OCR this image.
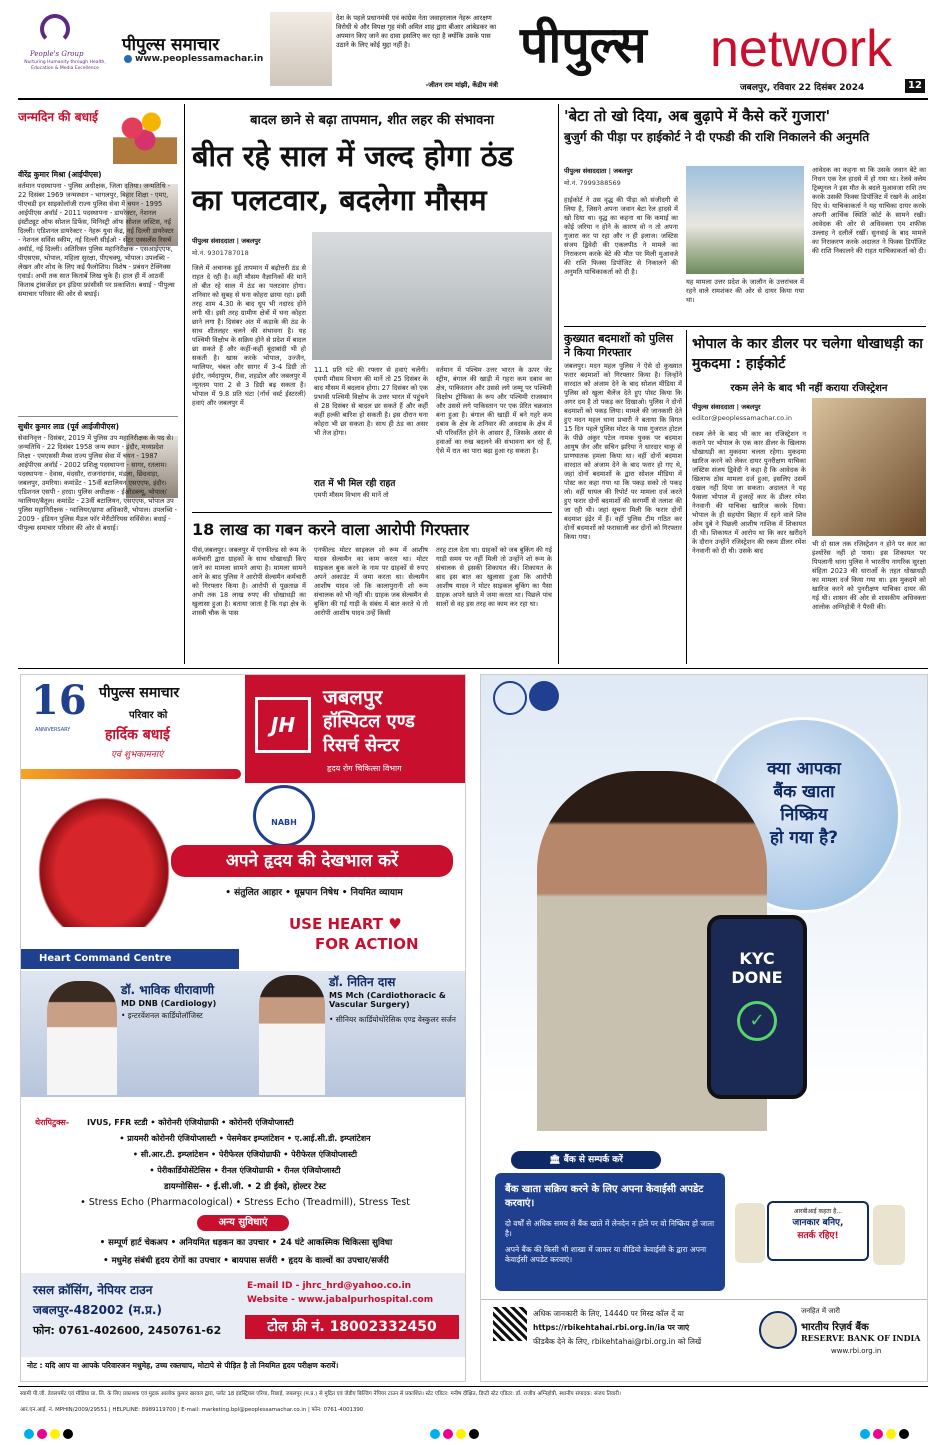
People's Group
Nurturing Humanity through Health, Education & Media Excellence
पीपुल्स समाचार
www.peoplessamachar.in
देश के पहले प्रधानमंत्री एवं कांग्रेस नेता जवाहरलाल नेहरू आरक्षण विरोधी थे और विपक्ष गृह मंत्री अमित शाह द्वारा बीआर आंबेडकर का अपमान किए जाने का दावा इसलिए कर रहा है क्योंकि उसके पास उठाने के लिए कोई मुद्दा नहीं है।
-जीतन राम मांझी, केंद्रीय मंत्री
पीपुल्स network
जबलपुर, रविवार 22 दिसंबर 2024	12
जन्मदिन की बधाई
वीरेंद्र कुमार मिश्रा (आईपीएस)
वर्तमान पदस्थापना - पुलिस अधीक्षक, जिला दतिया। जन्मतिथि - 22 दिसंबर 1969 जन्मस्थान - भागलपुर, बिहार शिक्षा - एमए, पीएचडी इन साइकोलॉजी राज्य पुलिस सेवा में चयन - 1995 आईपीएस अवॉर्ड - 2011 पदस्थापना - डायरेक्टर, नेशनल इंस्टीट्यूट ऑफ सोशल डिफेंस, मिनिस्ट्री ऑफ सोशल जस्टिस, नई दिल्ली। एडिशनल डायरेक्टर - नेहरू युवा केंद्र, नई दिल्ली डायरेक्टर - नेशनल सर्विस स्कीम, नई दिल्ली सीईओ - सेंटर एक्सलेंस रिसर्च अवॉर्ड, नई दिल्ली। अतिरिक्त पुलिस महानिरीक्षक - एसआईएएफ, पीएसएस, भोपाल, महिला सुरक्षा, पीएचक्यू, भोपाल। उपलब्धि - लेखन और शोध के लिए कई फैलोशिप। विशेष - प्रबंधन टेक्निक्स एवार्ड। अभी तक सात किताबें लिख चुके हैं। हाल ही में आठवीं किताब ट्रांसजेंडर इन इंडिया फ्रांसीसी पर प्रकाशित। बधाई - पीपुल्स समाचार परिवार की ओर से बधाई।
सुधीर कुमार लाड (पूर्व आईजीपीएस)
सेवानिवृत्त - दिसंबर, 2019 में पुलिस उप महानिरीक्षक के पद से। जन्मतिथि - 22 दिसंबर 1958 जन्म स्थान - इंदौर, मध्यप्रदेश शिक्षा - एमएससी मैथ्स राज्य पुलिस सेवा में चयन - 1987 आईपीएस अवॉर्ड - 2002 प्रशिक्षु पदस्थापना - सागर, रतलाम। पदस्थापना - देवास, मंदसौर, राजनांदगांव, मंडला, छिंदवाड़ा, जबलपुर, उमरिया। कमांडेंट - 15वीं बटालियन एसएएफ, इंदौर। एडिशनल एसपी - हरदा। पुलिस अधीक्षक - ईओडब्ल्यू, भोपाल/ग्वालियर/बैतूल। कमांडेंट - 23वीं बटालियन, एसएएफ, भोपाल उप पुलिस महानिरीक्षक - ग्वालियर/छापा अधिकारी, भोपाल। उपलब्धि - 2009 - इंडियन पुलिस मैडल फॉर मेरीटोरियस सर्विसेज। बधाई - पीपुल्स समाचार परिवार की ओर से बधाई।
बादल छाने से बढ़ा तापमान, शीत लहर की संभावना
बीत रहे साल में जल्द होगा ठंड का पलटवार, बदलेगा मौसम
पीपुल्स संवाददाता | जबलपुर
मो.नं. 9301787018
जिले में अचानक हुई तापमान में बढ़ोत्तरी ठंड से राहत दे रही है। वहीं मौसम वैज्ञानिकों की मानें तो बीत रहे साल में ठंड का पलटवार होगा। शनिवार को सुबह से घना कोहरा छाया रहा। इसी तरह शाम 4.30 के बाद धूप भी नदारद होने लगी थी। इसी तरह ग्रामीण क्षेत्रों में घना कोहरा छाने लगा है। दिसंबर अंत में कड़ाके की ठंड के साथ शीतलहर चलने की संभावना है। यह पश्चिमी विक्षोभ के सक्रिय होने से प्रदेश में बादल छा सकते हैं और कहीं-कहीं बूंदाबांदी भी हो सकती है। खास करके भोपाल, उज्जैन, ग्वालियर, चंबल और सागर में 3-4 डिग्री तो इंदौर, नर्मदापुरम, रीवा, शहडोल और जबलपुर में न्यूनतम पारा 2 से 3 डिग्री बढ़ सकता है। भोपाल में 9.8 प्रति घंटा (नॉर्थ वर्स्ट ईस्टरली) हवाएं और जबलपुर में
11.1 प्रति घंटे की रफ्तार से हवाएं चलेंगी। एमपी मौसम विभाग की मानें तो 25 दिसंबर के बाद मौसम में बदलाव होगा। 27 दिसंबर को एक प्रभावी पश्चिमी विक्षोभ के उत्तर भारत में पहुंचने से 28 दिसंबर से बादल छा सकते हैं और कहीं कहीं हल्की बारिश हो सकती है। इस दौरान घना कोहरा भी छा सकता है। साथ ही ठंड का असर भी तेज होगा।
रात में भी मिल रही राहत
एमपी मौसम विभाग की मानें तो
वर्तमान में पश्चिम उत्तर भारत के ऊपर जेट स्ट्रीम, बंगाल की खाड़ी में गहरा कम दबाव का क्षेत्र, पाकिस्तान और उससे लगे जम्मू पर पश्चिमी विक्षोभ ट्रोफिका के रूप और पश्चिमी राजस्थान और उससे लगे पाकिस्तान पर एक प्रेरित चक्रवात बना हुआ है। बंगाल की खाड़ी में बने गहरे कम दबाव के क्षेत्र के शनिवार की अवदाब के क्षेत्र में भी परिवर्तित होने के आसार हैं, जिसके असर से हवाओं का रुख बदलने की संभावना बन रहे हैं, ऐसे में रात का पारा बढ़ा हुआ रह सकता है।
18 लाख का गबन करने वाला आरोपी गिरफ्तार
पीसं,जबलपुर। जबलपुर में एनफील्ड सो रूम के कर्मचारी द्वारा ग्राहकों के साथ धोखाधड़ी किए जाने का मामला सामने आया है। मामला सामने आने के बाद पुलिस ने आरोपी सेल्समैन कर्मचारी को गिरफ्तार किया है। आरोपी से पूछताछ में अभी तक 18 लाख रुपए की धोखाधड़ी का खुलासा हुआ है। बताया जाता है कि गढ़ा क्षेत्र के शास्त्री चौक के पास
एनफील्ड मोटर साइकल शो रूम में आशीष यादव सेल्समैन का काम करता था। मोटर साइकल बुक करने के नाम पर ग्राहकों से रुपए अपने अकाउंट में जमा करता था। सेल्समैन आशीष यादव जो कि कालापुरानी शो रूम संचालक को भी नहीं थी। ग्राहक जब सेल्समैन से बुकिंग की गई गाड़ी के संबंध में बात करते थे तो आरोपी आशीष यादव उन्हें किसी
तरह टाल देता था। ग्राहकों को जब बुकिंग की गई गाड़ी समय पर नहीं मिली तो उन्होंने शो रूम के संचालक से इसकी शिकायत की। शिकायत के बाद इस बात का खुलासा हुआ कि आरोपी आशीष यादव ने मोटर साइकल बुकिंग का पैसा ग्राहक अपने खाते में जमा करता था। पिछले पांच सालों से वह इस तरह का काम कर रहा था।
'बेटा तो खो दिया, अब बुढ़ापे में कैसे करें गुजारा'
बुजुर्ग की पीड़ा पर हाईकोर्ट ने दी एफडी की राशि निकालने की अनुमति
पीपुल्स संवाददाता | जबलपुर
मो.नं. 7999388569
हाईकोर्ट ने उस वृद्ध की पीड़ा को संजीदगी से लिया है, जिसने अपना जवान बेटा रेल हादसे में खो दिया था। वृद्ध का कहना था कि कमाई का कोई जरिया न होने के कारण वो न तो अपना गुजारा कर पा रहा और न ही इलाज। जस्टिस संजय द्विवेदी की एकलपीठ ने मामले का निराकरण करके बेटे की मौत पर मिली मुआवजे की राशि फिक्स डिपॉजिट से निकालने की अनुमति याचिकाकर्ता को दी है।
यह मामला उत्तर प्रदेश के जालौन के उत्तरांचल में रहने वाले रामशंकर की ओर से दायर किया गया था।
आवेदक का कहना था कि उसके जवान बेटे का निधन एक रेल हादसे में हो गया था। रेलवे क्लेम ट्रिब्यूनल ने इस मौत के बदले मुआवजा राशि तय करके उसकी फिक्स डिपॉजिट में रखने के आदेश दिए थे। याचिकाकर्ता ने यह याचिका दायर करके अपनी आर्थिक स्थिति कोर्ट के सामने रखी। आवेदक की ओर से अधिवक्ता एम शफीक उल्लाह ने दलीलें रखीं। सुनवाई के बाद मामले का निराकरण करके अदालत ने फिक्स डिपॉजिट की राशि निकालने की राहत याचिकाकर्ता को दी।
कुख्यात बदमाशों को पुलिस ने किया गिरफ्तार
जबलपुर। मदन महल पुलिस ने ऐसे दो कुख्यात फरार बदमाशों को गिरफ्तार किया है। जिन्होंने वारदात को अंजाम देने के बाद सोशल मीडिया में पुलिस को खुला चैलेंज देते हुए पोस्ट किया कि अगर दम है तो पकड़ कर दिखाओ। पुलिस ने दोनों बदमाशों को पकड़ लिया। मामले की जानकारी देते हुए मदन महल थाना प्रभारी ने बताया कि विगत 15 दिन पहले पुलिस मोटर के पास गुजरात होटल के पीछे अंकुर पटेल नामक युवक पर बदमाश आयुष जैन और सचिन झरिया ने धारदार चाकू से प्राणघातक हमला किया था। वहीं दोनों बदमाश वारदात को अंजाम देने के बाद फरार हो गए थे, जहां दोनों बदमाशों के द्वारा सोशल मीडिया में पोस्ट कर कहा गया था कि पकड़ सको तो पकड़ लो। वहीं घायल की रिपोर्ट पर मामला दर्ज करते हुए फरार दोनों बदमाशों की सरगर्मी से तलाश की जा रही थी। जहां सूचना मिली कि फरार दोनों बदमाश इंद्रेर में हैं। वहीं पुलिस टीम गठित कर दोनों बदमाशों को फरासाली कर दोनों को गिरफ्तार किया गया।
भोपाल के कार डीलर पर चलेगा धोखाधड़ी का मुकदमा : हाईकोर्ट
रकम लेने के बाद भी नहीं कराया रजिस्ट्रेशन
पीपुल्स संवाददाता | जबलपुर
editor@peoplessamachar.co.in
रकम लेने के बाद भी कार का रजिस्ट्रेशन न कराने पर भोपाल के एक कार डीलर के खिलाफ धोखाधड़ी का मुकदमा चलता रहेगा। मुकदमा खारिज करने को लेकर दायर पुनरीक्षण याचिका जस्टिस संजय द्विवेदी ने कहा है कि आवेदक के खिलाफ ठोस मामला दर्ज हुआ, इसलिए उसमें दखल नहीं दिया जा सकता। अदालत ने यह फैसला भोपाल में हुजरहें कार के डीलर रमेश नेनवानी की याचिका खारिज करके दिया। भोपाल के ही सहयोग बिहार में रहने वाले शिव ओम दुबे ने पिछली आशीष नाशिक में शिकायत दी थी। शिकायत में आरोप था कि कार खरीदने के दौरान उन्होंने रजिस्ट्रेशन की रकम डीलर रमेश नेनवानी को दी थी। उसके बाद
भी दो साल तक रजिस्ट्रेशन न होने पर कार का इंश्योरेंस नहीं हो पाया। इस शिकायत पर पिपलानी थाना पुलिस ने भारतीय नागरिक सुरक्षा संहिता 2023 की धाराओं के तहत धोखाधड़ी का मामला दर्ज किया गया था। इस मुकदमे को खारिज करने को पुनरीक्षण याचिका दायर की गई थी। शासन की ओर से शासकीय अधिवक्ता आलोक अग्निहोत्री ने पैरवी की।
16
ANNIVERSARY
पीपुल्स समाचार
परिवार को
हार्दिक बधाई
एवं शुभकामनाएं
JH
जबलपुर
हॉस्पिटल एण्ड
रिसर्च सेन्टर
हृदय रोग चिकित्सा विभाग
NABH
अपने हृदय की देखभाल करें
• संतुलित आहार • धूम्रपान निषेध • नियमित व्यायाम
USE HEART ♥
FOR ACTION
Heart Command Centre
डॉ. भाविक धीरावाणी
MD DNB (Cardiology)
• इन्टरवेंशनल कार्डियोलॉजिस्ट
डॉ. नितिन दास
MS Mch (Cardiothoracic & Vascular Surgery)
• सीनियर कार्डियोथोरेसिक एण्ड वेस्कुलर सर्जन
थेरापिटुक्स- IVUS, FFR स्टडी • कोरोनरी एंजियोग्राफी • कोरोनरी एंजियोप्लास्टी
• प्रायमरी कोरोनरी एंजियोप्लास्टी • पेसमेकर इम्प्लांटेशन • ए.आई.सी.डी. इम्प्लांटेशन
• सी.आर.टी. इम्प्लांटेशन • पेरीफेरल एंजियोग्राफी • पेरीफेरल एंजियोप्लास्टी
• पेरीकार्डियोसेंटेसिस • रीनल एंजियोग्राफी • रीनल एंजियोप्लास्टी
डायग्नोसिस- • ई.सी.जी. • 2 डी ईको, होल्टर टेस्ट
• Stress Echo (Pharmacological) • Stress Echo (Treadmill), Stress Test
अन्य सुविधाएं
• सम्पूर्ण हार्ट चेकअप • अनियमित धड़कन का उपचार • 24 घंटे आकस्मिक चिकित्सा सुविधा
• मधुमेह संबंधी हृदय रोगों का उपचार • बायपास सर्जरी • हृदय के वाल्वों का उपचार/सर्जरी
रसल क्रॉसिंग, नेपियर टाउन
जबलपुर-482002 (म.प्र.)
फोन: 0761-402600, 2450761-62
E-mail ID - jhrc_hrd@yahoo.co.in
Website - www.jabalpurhospital.com
टोल फ्री नं. 18002332450
नोट : यदि आप या आपके परिवारजन मधुमेह, उच्च रक्तचाप, मोटापे से पीड़ित है तो नियमित हृदय परीक्षण करायें।
क्या आपका
बैंक खाता
निष्क्रिय
हो गया है?
KYC
DONE
✓
🏛 बैंक से सम्पर्क करें
बैंक खाता सक्रिय करने के लिए अपना केवाईसी अपडेट करवाएं।
दो वर्षों से अधिक समय से बैंक खाते में लेनदेन न होने पर वो निष्क्रिय हो जाता है।
अपने बैंक की किसी भी शाखा में जाकर या वीडियो केवाईसी के द्वारा अपना केवाईसी अपडेट करवाएं।
आरबीआई कहता है...
जानकार बनिए,
सतर्क रहिए!
अधिक जानकारी के लिए, 14440 पर मिस्ड कॉल दें या
https://rbikehtahai.rbi.org.in/ia पर जाएं
फीडबैक देने के लिए, rbikehtahai@rbi.org.in को लिखें
जनहित में जारी
भारतीय रिज़र्व बैंक
RESERVE BANK OF INDIA
www.rbi.org.in
स्वामी पी.जी. डेवलपमेंट एवं मीडिया प्रा. लि. के लिए प्रकाशक एवं मुद्रक आलोक कुमार खरवल द्वारा, प्लॉट 18 इंडस्ट्रियल एरिया, रिछाई, जबलपुर (म.प्र.) से मुद्रित एवं जेडीए बिल्डिंग नेपियर टाउन से प्रकाशित। स्टेट एडिटर: मनीष दीक्षित, डिप्टी स्टेट एडिटर: डॉ. राजीव अग्निहोत्री, स्थानीय संपादक: संजय तिवारी।
आर.एन.आई. नं. MPHIN/2009/29551 | HELPLINE: 8989119700 | E-mail: marketing.bpl@peoplessamachar.co.in | फोन: 0761-4001390
